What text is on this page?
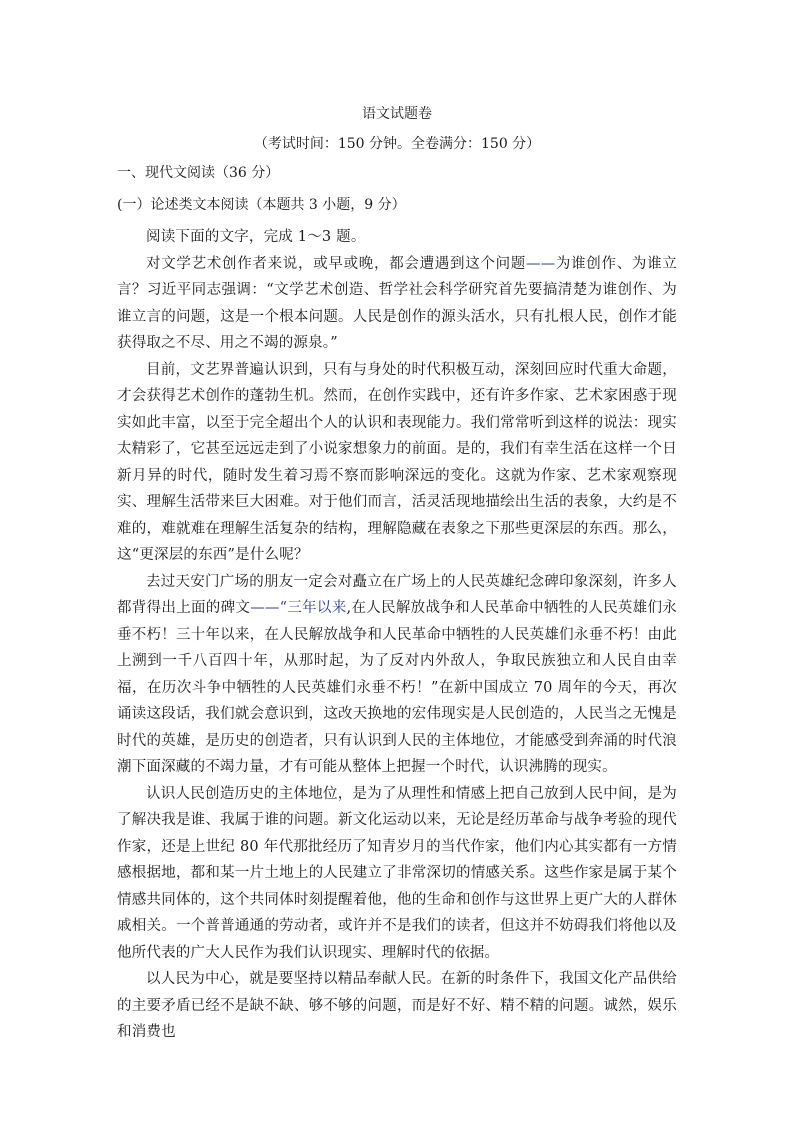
语文试题卷
（考试时间：150 分钟。全卷满分：150 分）
一、现代文阅读（36 分）
(一）论述类文本阅读（本题共 3 小题，9 分）

阅读下面的文字，完成 1～3 题。

对文学艺术创作者来说，或早或晚，都会遭遇到这个问题——为谁创作、为谁立言？习近平同志强调：“文学艺术创造、哲学社会科学研究首先要搞清楚为谁创作、为谁立言的问题，这是一个根本问题。人民是创作的源头活水，只有扎根人民，创作才能获得取之不尽、用之不竭的源泉。”

目前，文艺界普遍认识到，只有与身处的时代积极互动，深刻回应时代重大命题，才会获得艺术创作的蓬勃生机。然而，在创作实践中，还有许多作家、艺术家困惑于现实如此丰富，以至于完全超出个人的认识和表现能力。我们常常听到这样的说法：现实太精彩了，它甚至远远走到了小说家想象力的前面。是的，我们有幸生活在这样一个日新月异的时代，随时发生着习焉不察而影响深远的变化。这就为作家、艺术家观察现实、理解生活带来巨大困难。对于他们而言，活灵活现地描绘出生活的表象，大约是不难的，难就难在理解生活复杂的结构，理解隐藏在表象之下那些更深层的东西。那么，这“更深层的东西”是什么呢？

去过天安门广场的朋友一定会对矗立在广场上的人民英雄纪念碑印象深刻，许多人都背得出上面的碑文——“三年以来,在人民解放战争和人民革命中牺牲的人民英雄们永垂不朽！三十年以来，在人民解放战争和人民革命中牺牲的人民英雄们永垂不朽！由此上溯到一千八百四十年，从那时起，为了反对内外敌人，争取民族独立和人民自由幸福，在历次斗争中牺牲的人民英雄们永垂不朽！”在新中国成立 70 周年的今天，再次诵读这段话，我们就会意识到，这改天换地的宏伟现实是人民创造的，人民当之无愧是时代的英雄，是历史的创造者，只有认识到人民的主体地位，才能感受到奔涌的时代浪潮下面深藏的不竭力量，才有可能从整体上把握一个时代，认识沸腾的现实。

认识人民创造历史的主体地位，是为了从理性和情感上把自己放到人民中间，是为了解决我是谁、我属于谁的问题。新文化运动以来，无论是经历革命与战争考验的现代作家，还是上世纪 80 年代那批经历了知青岁月的当代作家，他们内心其实都有一方情感根据地，都和某一片土地上的人民建立了非常深切的情感关系。这些作家是属于某个情感共同体的，这个共同体时刻提醒着他，他的生命和创作与这世界上更广大的人群休戚相关。一个普普通通的劳动者，或许并不是我们的读者，但这并不妨碍我们将他以及他所代表的广大人民作为我们认识现实、理解时代的依据。

以人民为中心，就是要坚持以精品奉献人民。在新的时条件下，我国文化产品供给的主要矛盾已经不是缺不缺、够不够的问题，而是好不好、精不精的问题。诚然，娱乐和消费也
